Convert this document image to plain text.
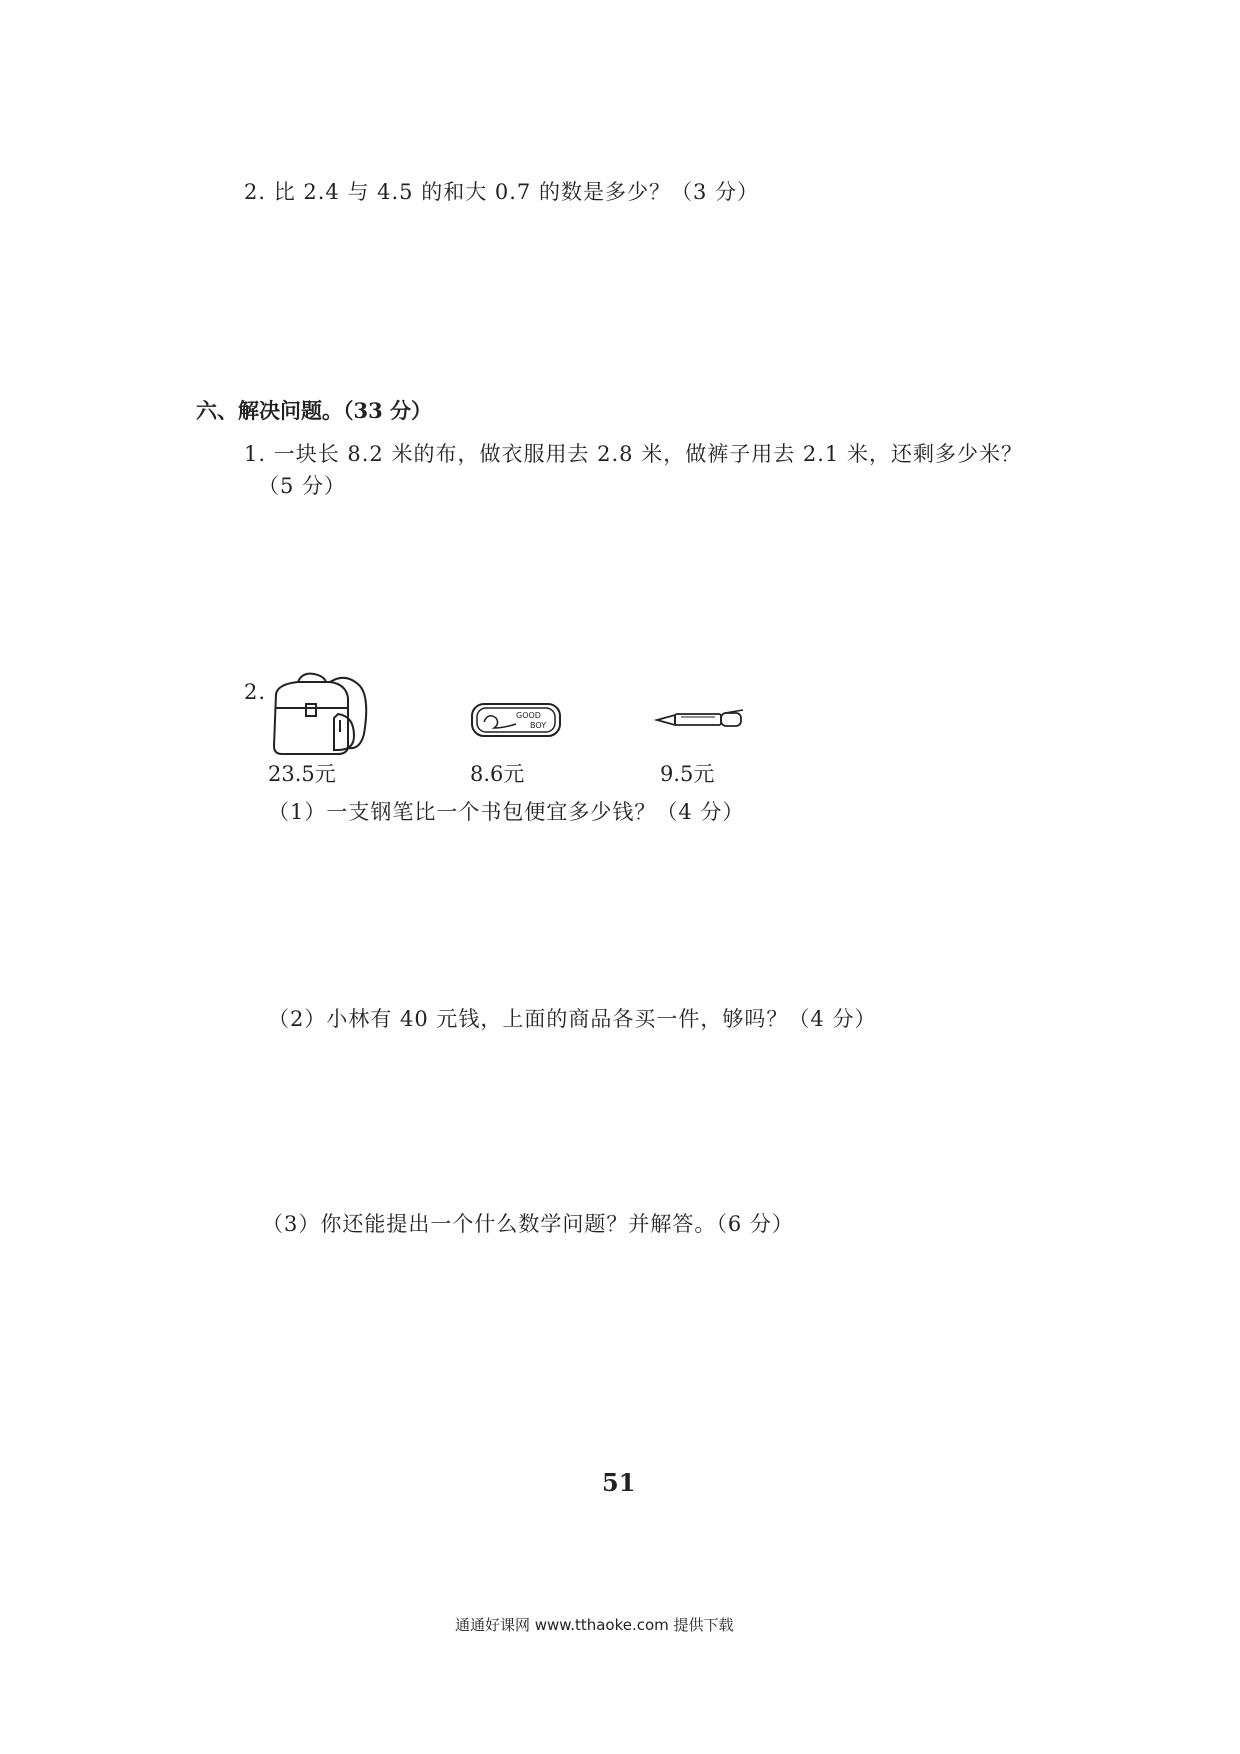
2. 比 2.4 与 4.5 的和大 0.7 的数是多少？（3 分）
六、解决问题。（33 分）
1. 一块长 8.2 米的布，做衣服用去 2.8 米，做裤子用去 2.1 米，还剩多少米？
（5 分）
2.
GOOD
BOY
23.5元	8.6元	9.5元
（1）一支钢笔比一个书包便宜多少钱？（4 分）
（2）小林有 40 元钱，上面的商品各买一件，够吗？（4 分）
（3）你还能提出一个什么数学问题？并解答。（6 分）
51
通通好课网 www.tthaoke.com 提供下载
